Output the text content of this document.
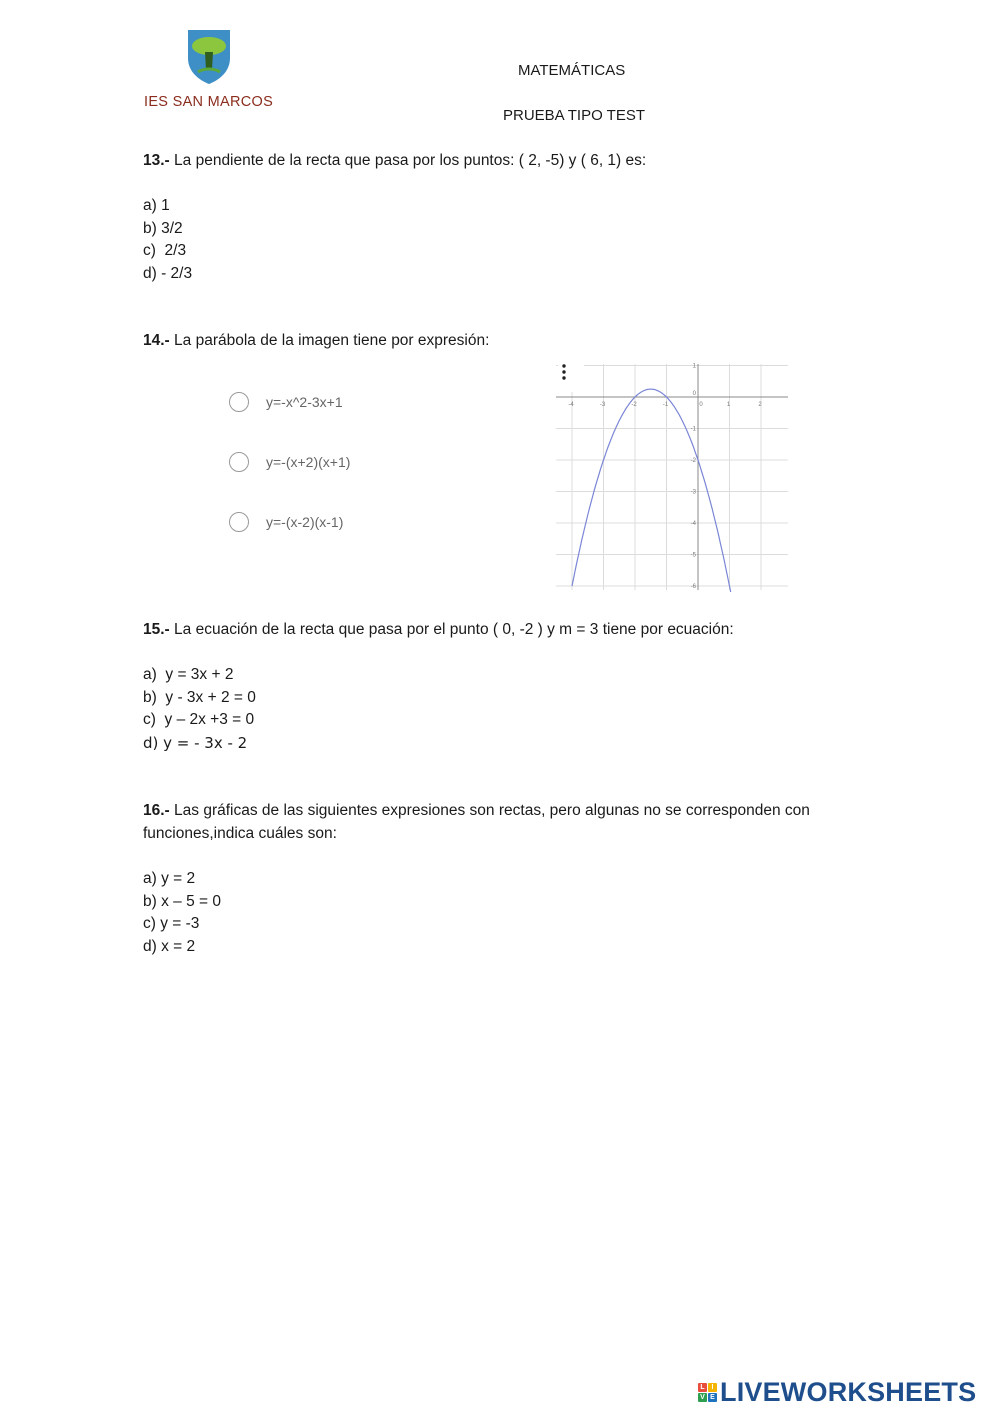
IES SAN MARCOS
MATEMÁTICAS
PRUEBA TIPO TEST
13.- La pendiente de la recta que pasa por los puntos: ( 2, -5) y ( 6, 1) es:
a) 1
b) 3/2
c)  2/3
d) - 2/3
14.- La parábola de la imagen tiene por expresión:
y=-x^2-3x+1
y=-(x+2)(x+1)
y=-(x-2)(x-1)
-4	-3	-2	-1	0	1	2
1
0
-1
-2
-3
-4
-5
-6
15.- La ecuación de la recta que pasa por el punto ( 0, -2 ) y m = 3 tiene por ecuación:
a)  y = 3x + 2
b)  y - 3x + 2 = 0
c)  y – 2x +3 = 0
d) y = - 3x - 2
16.- Las gráficas de las siguientes expresiones son rectas, pero algunas no se corresponden con funciones,indica cuáles son:
a) y = 2
b) x – 5 = 0
c) y = -3
d) x = 2
L I
V E LIVEWORKSHEETS
